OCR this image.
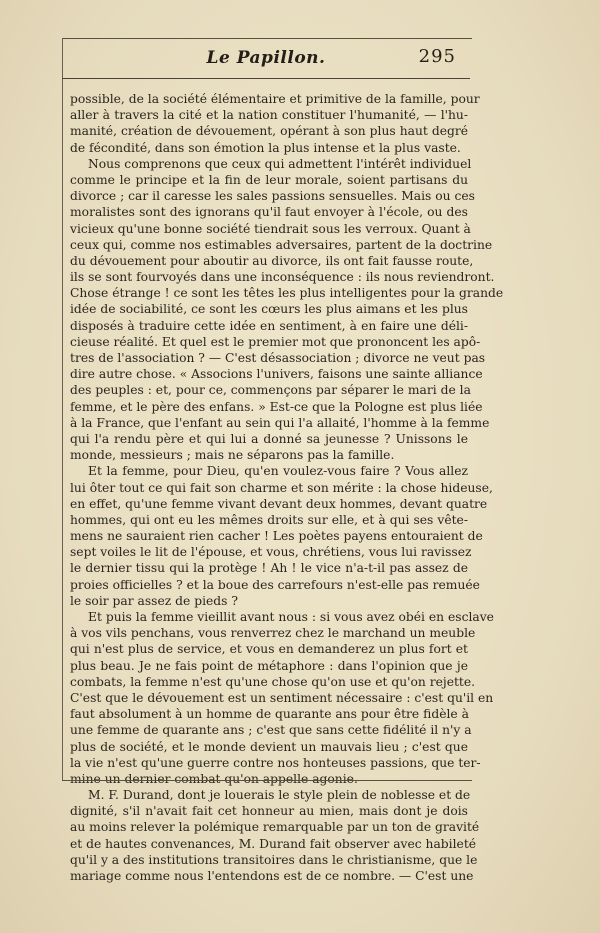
Le Papillon.	295
possible, de la société élémentaire et primitive de la famille, pour
aller à travers la cité et la nation constituer l'humanité, — l'hu-
manité, création de dévouement, opérant à son plus haut degré
de fécondité, dans son émotion la plus intense et la plus vaste.
Nous comprenons que ceux qui admettent l'intérêt individuel
comme le principe et la fin de leur morale, soient partisans du
divorce ; car il caresse les sales passions sensuelles. Mais ou ces
moralistes sont des ignorans qu'il faut envoyer à l'école, ou des
vicieux qu'une bonne société tiendrait sous les verroux. Quant à
ceux qui, comme nos estimables adversaires, partent de la doctrine
du dévouement pour aboutir au divorce, ils ont fait fausse route,
ils se sont fourvoyés dans une inconséquence : ils nous reviendront.
Chose étrange ! ce sont les têtes les plus intelligentes pour la grande
idée de sociabilité, ce sont les cœurs les plus aimans et les plus
disposés à traduire cette idée en sentiment, à en faire une déli-
cieuse réalité. Et quel est le premier mot que prononcent les apô-
tres de l'association ? — C'est désassociation ; divorce ne veut pas
dire autre chose. « Associons l'univers, faisons une sainte alliance
des peuples : et, pour ce, commençons par séparer le mari de la
femme, et le père des enfans. » Est-ce que la Pologne est plus liée
à la France, que l'enfant au sein qui l'a allaité, l'homme à la femme
qui l'a rendu père et qui lui a donné sa jeunesse ? Unissons le
monde, messieurs ; mais ne séparons pas la famille.
Et la femme, pour Dieu, qu'en voulez-vous faire ? Vous allez
lui ôter tout ce qui fait son charme et son mérite : la chose hideuse,
en effet, qu'une femme vivant devant deux hommes, devant quatre
hommes, qui ont eu les mêmes droits sur elle, et à qui ses vête-
mens ne sauraient rien cacher ! Les poètes payens entouraient de
sept voiles le lit de l'épouse, et vous, chrétiens, vous lui ravissez
le dernier tissu qui la protège ! Ah ! le vice n'a-t-il pas assez de
proies officielles ? et la boue des carrefours n'est-elle pas remuée
le soir par assez de pieds ?
Et puis la femme vieillit avant nous : si vous avez obéi en esclave
à vos vils penchans, vous renverrez chez le marchand un meuble
qui n'est plus de service, et vous en demanderez un plus fort et
plus beau. Je ne fais point de métaphore : dans l'opinion que je
combats, la femme n'est qu'une chose qu'on use et qu'on rejette.
C'est que le dévouement est un sentiment nécessaire : c'est qu'il en
faut absolument à un homme de quarante ans pour être fidèle à
une femme de quarante ans ; c'est que sans cette fidélité il n'y a
plus de société, et le monde devient un mauvais lieu ; c'est que
la vie n'est qu'une guerre contre nos honteuses passions, que ter-
mine un dernier combat qu'on appelle agonie.
M. F. Durand, dont je louerais le style plein de noblesse et de
dignité, s'il n'avait fait cet honneur au mien, mais dont je dois
au moins relever la polémique remarquable par un ton de gravité
et de hautes convenances, M. Durand fait observer avec habileté
qu'il y a des institutions transitoires dans le christianisme, que le
mariage comme nous l'entendons est de ce nombre. — C'est une
